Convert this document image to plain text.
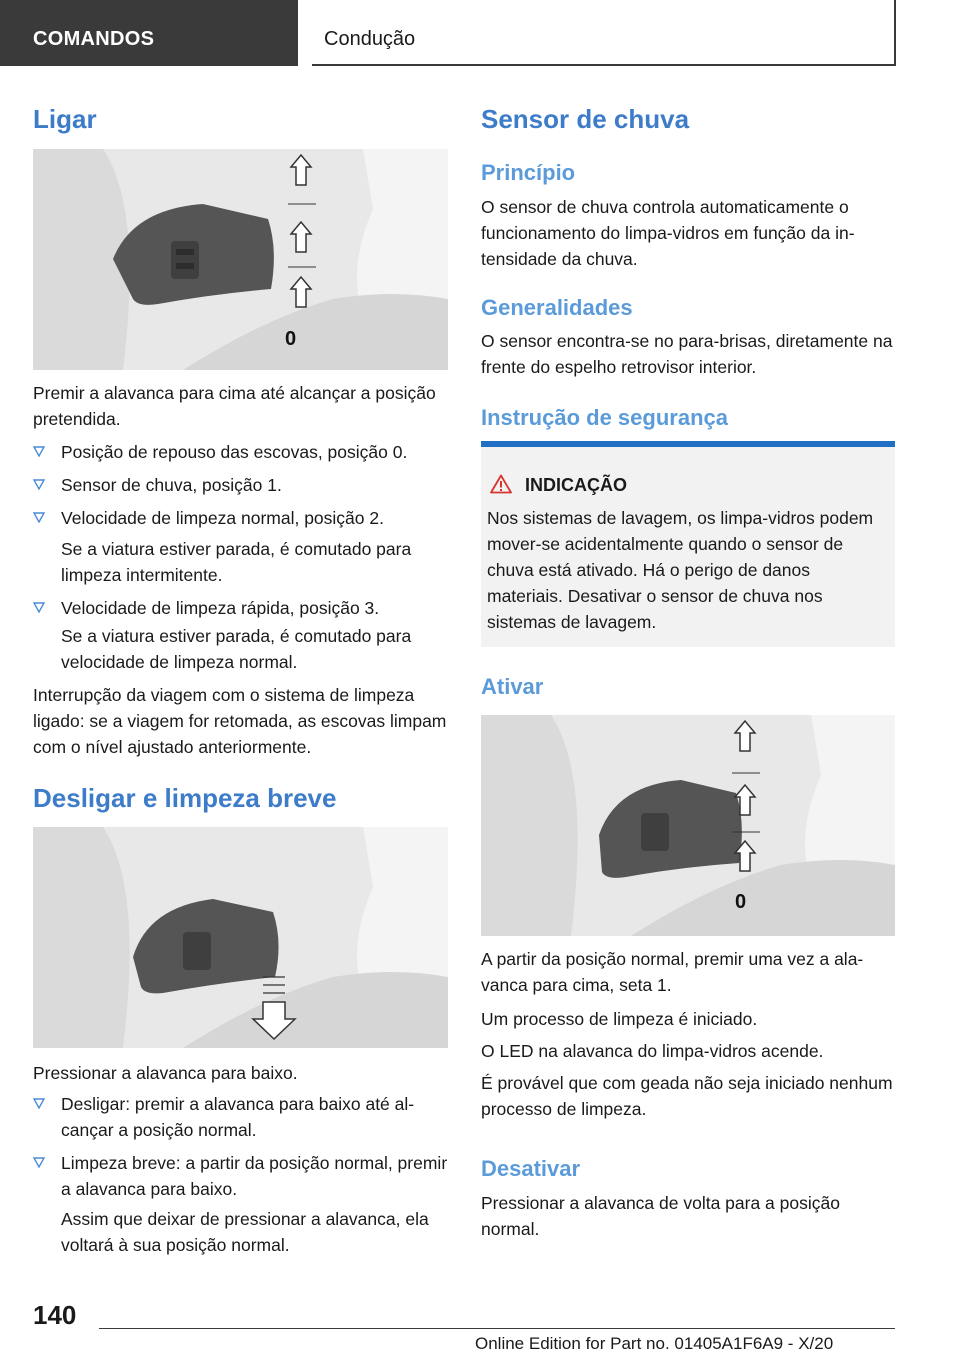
COMANDOS	Condução
Ligar
0
Premir a alavanca para cima até alcançar a posição pretendida.
Posição de repouso das escovas, posição 0.
Sensor de chuva, posição 1.
Velocidade de limpeza normal, posição 2.
Se a viatura estiver parada, é comutado para limpeza intermitente.
Velocidade de limpeza rápida, posição 3.
Se a viatura estiver parada, é comutado para velocidade de limpeza normal.
Interrupção da viagem com o sistema de limpeza ligado: se a viagem for retomada, as escovas limpam com o nível ajustado anteriormente.
Desligar e limpeza breve
Pressionar a alavanca para baixo.
Desligar: premir a alavanca para baixo até alcançar a posição normal.
Limpeza breve: a partir da posição normal, premir a alavanca para baixo.
Assim que deixar de pressionar a alavanca, ela voltará à sua posição normal.
Sensor de chuva
Princípio
O sensor de chuva controla automaticamente o funcionamento do limpa-vidros em função da intensidade da chuva.
Generalidades
O sensor encontra-se no para-brisas, diretamente na frente do espelho retrovisor interior.
Instrução de segurança
INDICAÇÃO
Nos sistemas de lavagem, os limpa-vidros podem mover-se acidentalmente quando o sensor de chuva está ativado. Há o perigo de danos materiais. Desativar o sensor de chuva nos sistemas de lavagem.
Ativar
0
A partir da posição normal, premir uma vez a alavanca para cima, seta 1.
Um processo de limpeza é iniciado.
O LED na alavanca do limpa-vidros acende.
É provável que com geada não seja iniciado nenhum processo de limpeza.
Desativar
Pressionar a alavanca de volta para a posição normal.
140
Online Edition for Part no. 01405A1F6A9 - X/20
